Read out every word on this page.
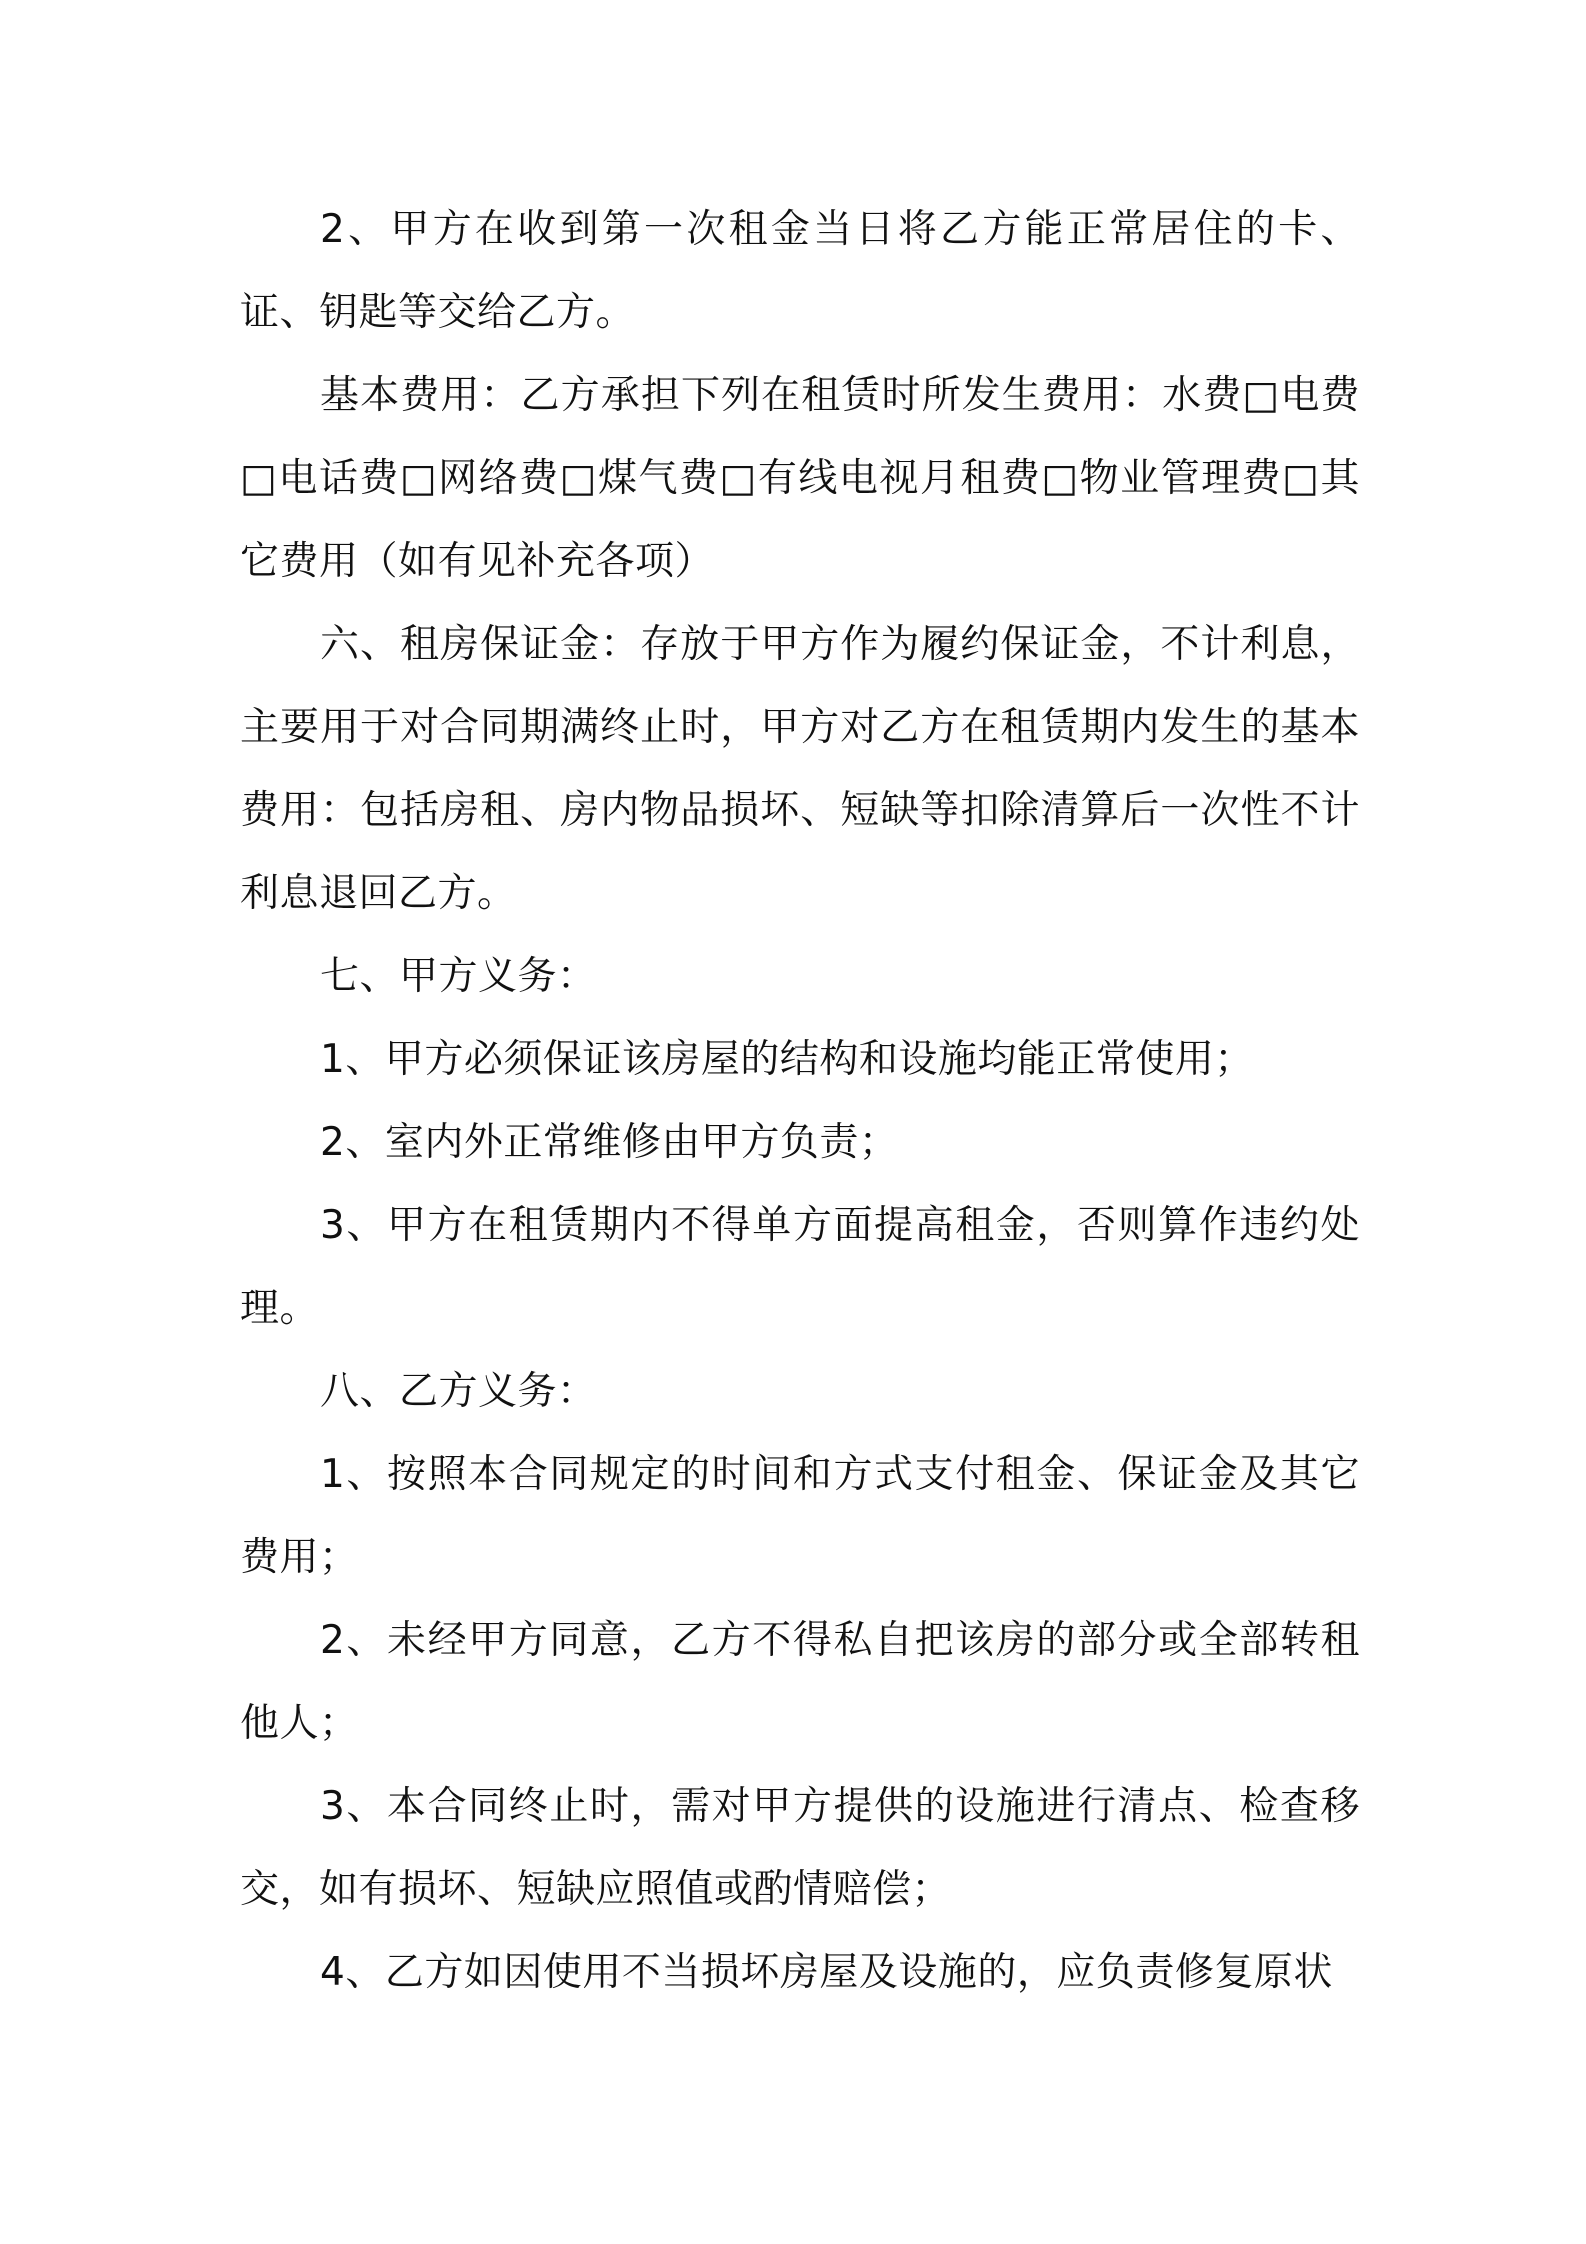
2、甲方在收到第一次租金当日将乙方能正常居住的卡、证、钥匙等交给乙方。

基本费用：乙方承担下列在租赁时所发生费用：水费□电费□电话费□网络费□煤气费□有线电视月租费□物业管理费□其它费用（如有见补充各项）

六、租房保证金：存放于甲方作为履约保证金，不计利息，主要用于对合同期满终止时，甲方对乙方在租赁期内发生的基本费用：包括房租、房内物品损坏、短缺等扣除清算后一次性不计利息退回乙方。

七、甲方义务：

1、甲方必须保证该房屋的结构和设施均能正常使用；

2、室内外正常维修由甲方负责；

3、甲方在租赁期内不得单方面提高租金，否则算作违约处理。

八、乙方义务：

1、按照本合同规定的时间和方式支付租金、保证金及其它费用；

2、未经甲方同意，乙方不得私自把该房的部分或全部转租他人；

3、本合同终止时，需对甲方提供的设施进行清点、检查移交，如有损坏、短缺应照值或酌情赔偿；

4、乙方如因使用不当损坏房屋及设施的，应负责修复原状
